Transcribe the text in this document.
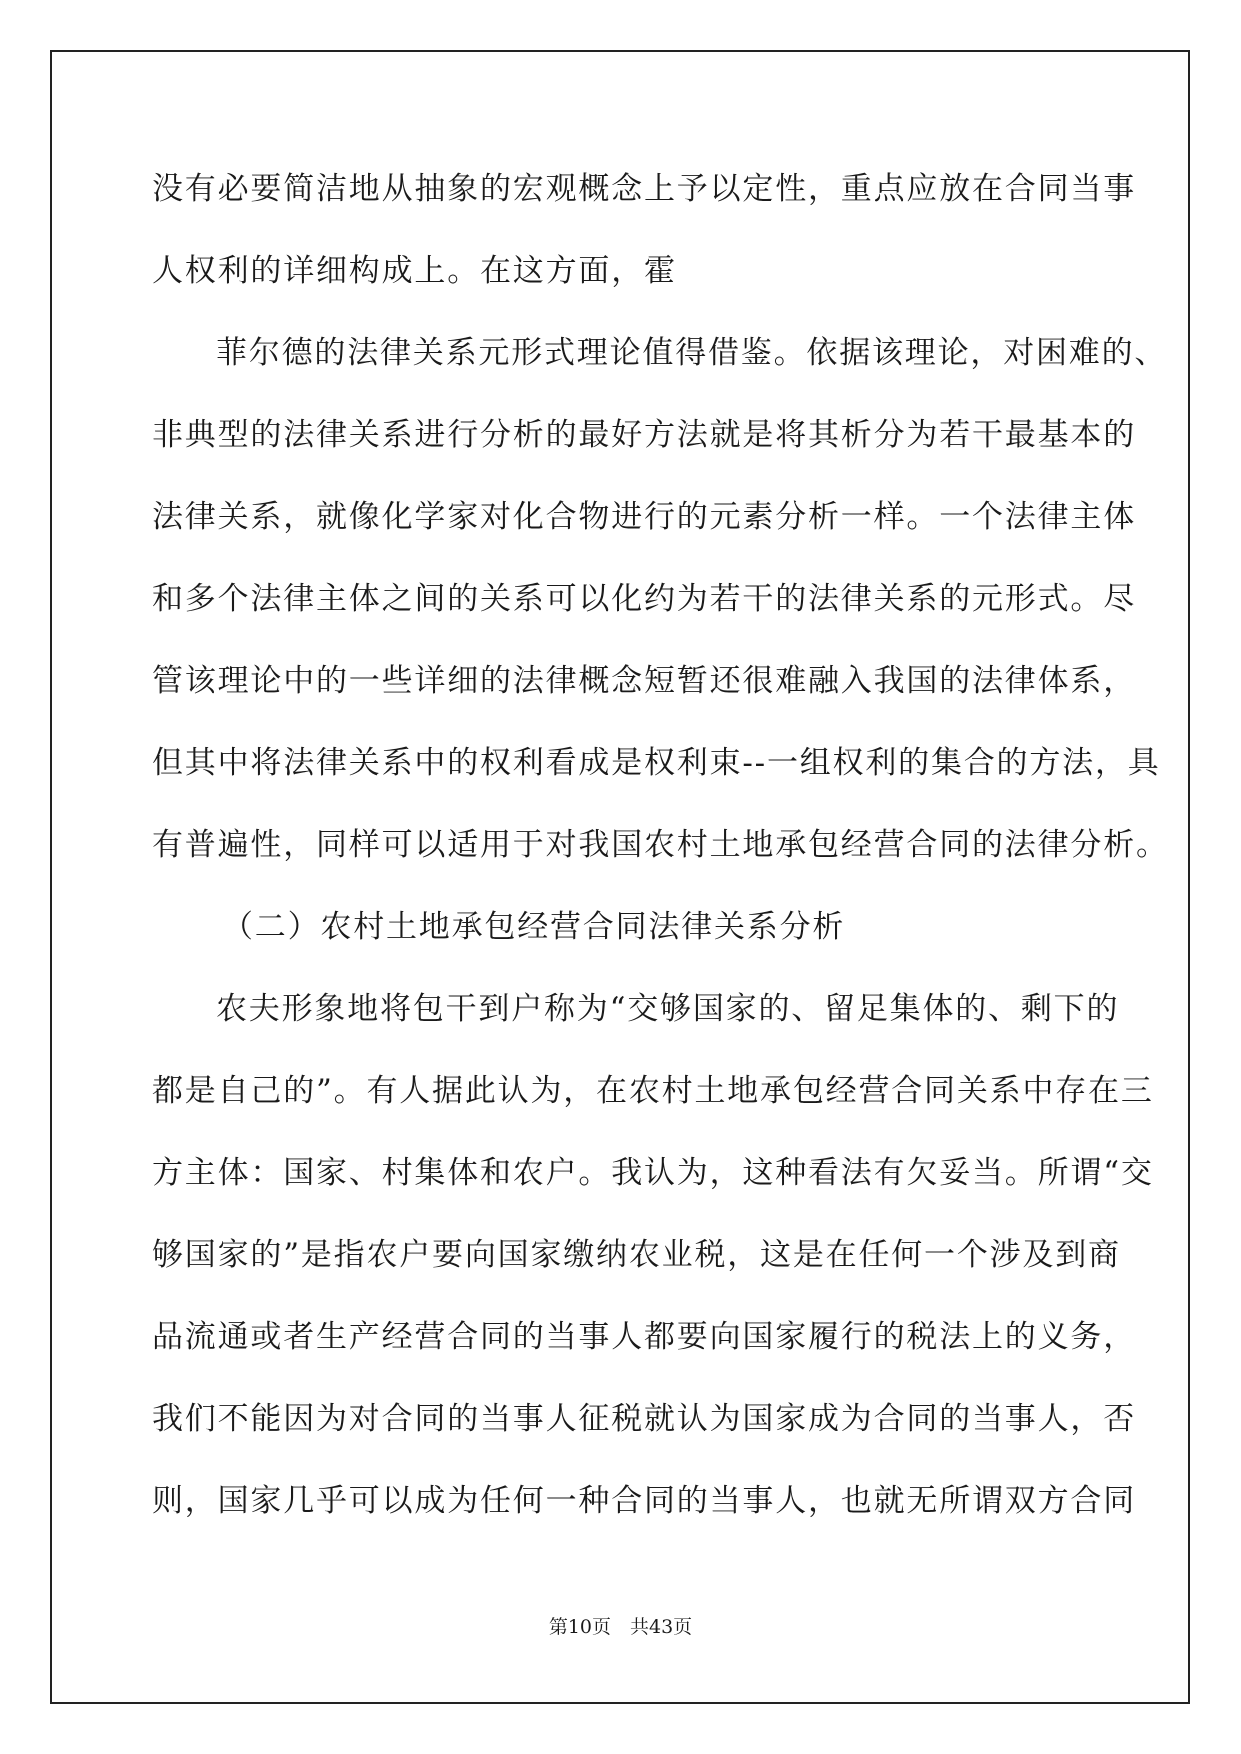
没有必要简洁地从抽象的宏观概念上予以定性，重点应放在合同当事
人权利的详细构成上。在这方面，霍
菲尔德的法律关系元形式理论值得借鉴。依据该理论，对困难的、
非典型的法律关系进行分析的最好方法就是将其析分为若干最基本的
法律关系，就像化学家对化合物进行的元素分析一样。一个法律主体
和多个法律主体之间的关系可以化约为若干的法律关系的元形式。尽
管该理论中的一些详细的法律概念短暂还很难融入我国的法律体系，
但其中将法律关系中的权利看成是权利束--一组权利的集合的方法，具
有普遍性，同样可以适用于对我国农村土地承包经营合同的法律分析。
（二）农村土地承包经营合同法律关系分析
农夫形象地将包干到户称为“交够国家的、留足集体的、剩下的
都是自己的”。有人据此认为，在农村土地承包经营合同关系中存在三
方主体：国家、村集体和农户。我认为，这种看法有欠妥当。所谓“交
够国家的”是指农户要向国家缴纳农业税，这是在任何一个涉及到商
品流通或者生产经营合同的当事人都要向国家履行的税法上的义务，
我们不能因为对合同的当事人征税就认为国家成为合同的当事人，否
则，国家几乎可以成为任何一种合同的当事人，也就无所谓双方合同
第10页　共43页
